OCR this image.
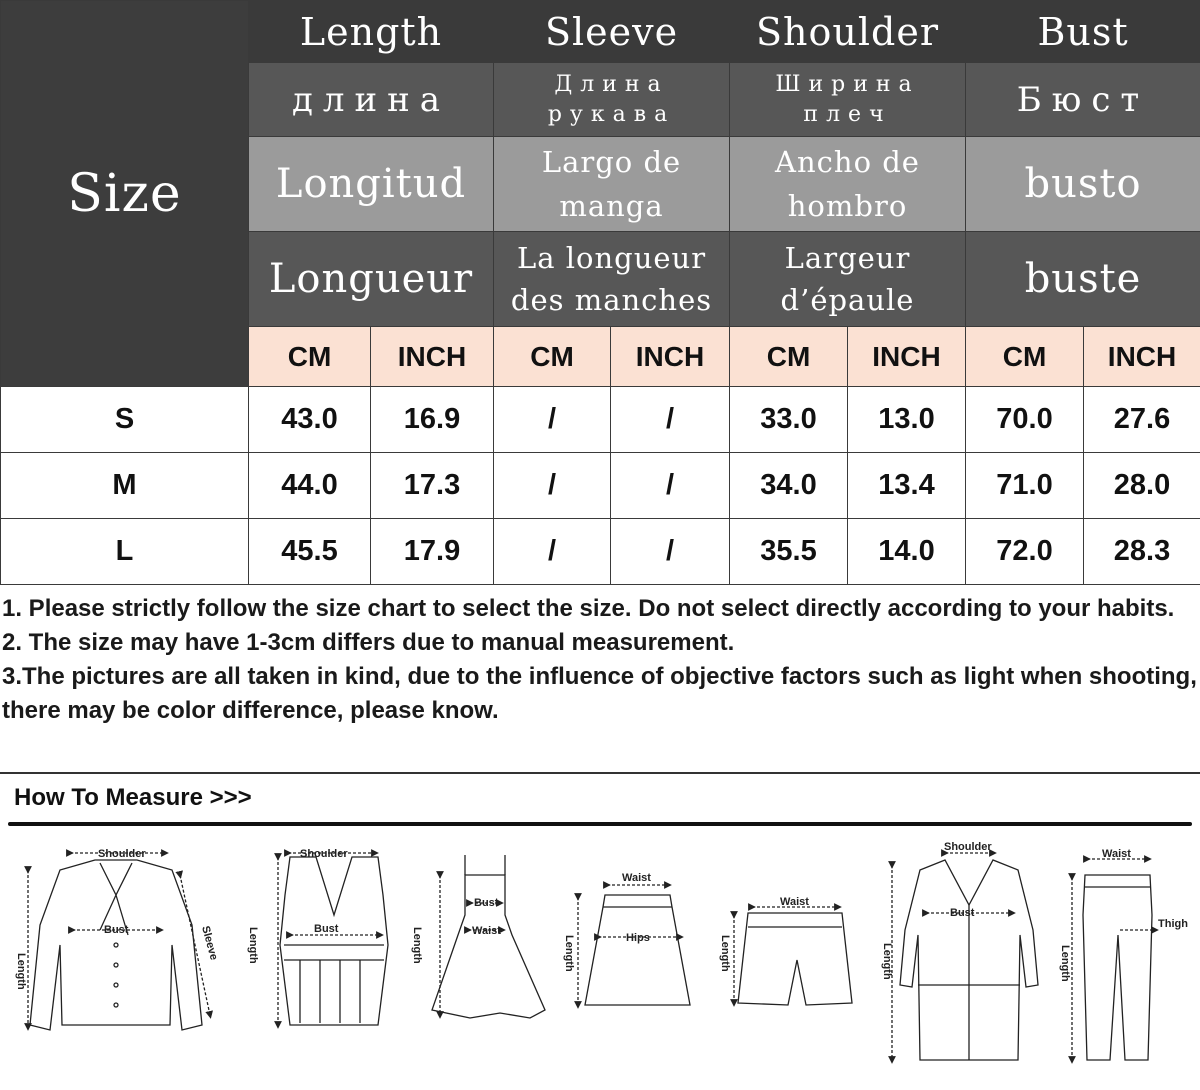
Size	Length		Sleeve		Shoulder		Bust	
	длина		Длина рукава		Ширина плеч		Бюст	
	Longitud		Largo de manga		Ancho de hombro		busto	
	Longueur		La longueur des manches		Largeur d’épaule		buste	
	CM	INCH	CM	INCH	CM	INCH	CM	INCH
S	43.0	16.9	/	/	33.0	13.0	70.0	27.6
M	44.0	17.3	/	/	34.0	13.4	71.0	28.0
L	45.5	17.9	/	/	35.5	14.0	72.0	28.3

1. Please strictly follow the size chart to select the size. Do not select directly according to your habits.

2. The size may have 1-3cm differs due to manual measurement.

3.The pictures are all taken in kind, due to the influence of objective factors such as light when shooting, there may be color difference, please know.

How To Measure >>>
Shoulder
Bust
Length
Sleeve
Shoulder
Bust
Length
Bust
Waist
Length
Waist
Hips
Length
Waist
Length
Shoulder
Bust
Length
Waist
Thigh
Length
